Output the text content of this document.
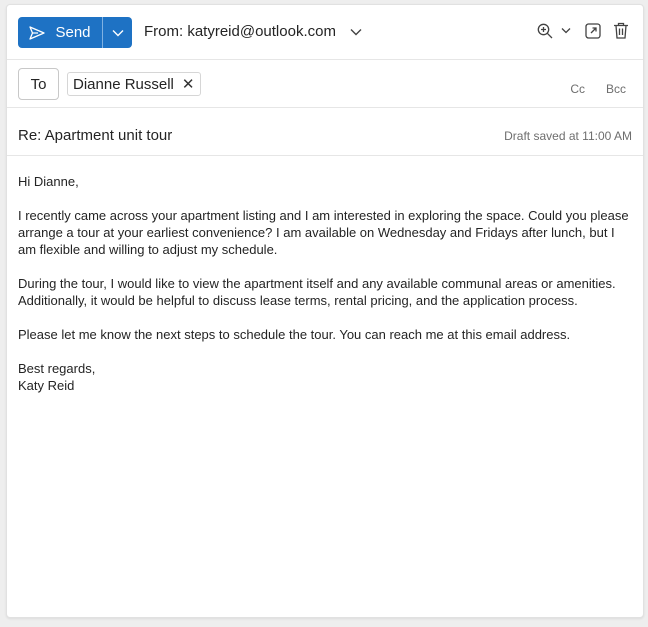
Send	From: katyreid@outlook.com
To	Dianne Russell ✕	Cc Bcc
Re: Apartment unit tour	Draft saved at 11:00 AM

Hi Dianne,

I recently came across your apartment listing and I am interested in exploring the space. Could you please arrange a tour at your earliest convenience? I am available on Wednesday and Fridays after lunch, but I am flexible and willing to adjust my schedule.

During the tour, I would like to view the apartment itself and any available communal areas or amenities. Additionally, it would be helpful to discuss lease terms, rental pricing, and the application process.

Please let me know the next steps to schedule the tour. You can reach me at this email address.

Best regards,

Katy Reid
